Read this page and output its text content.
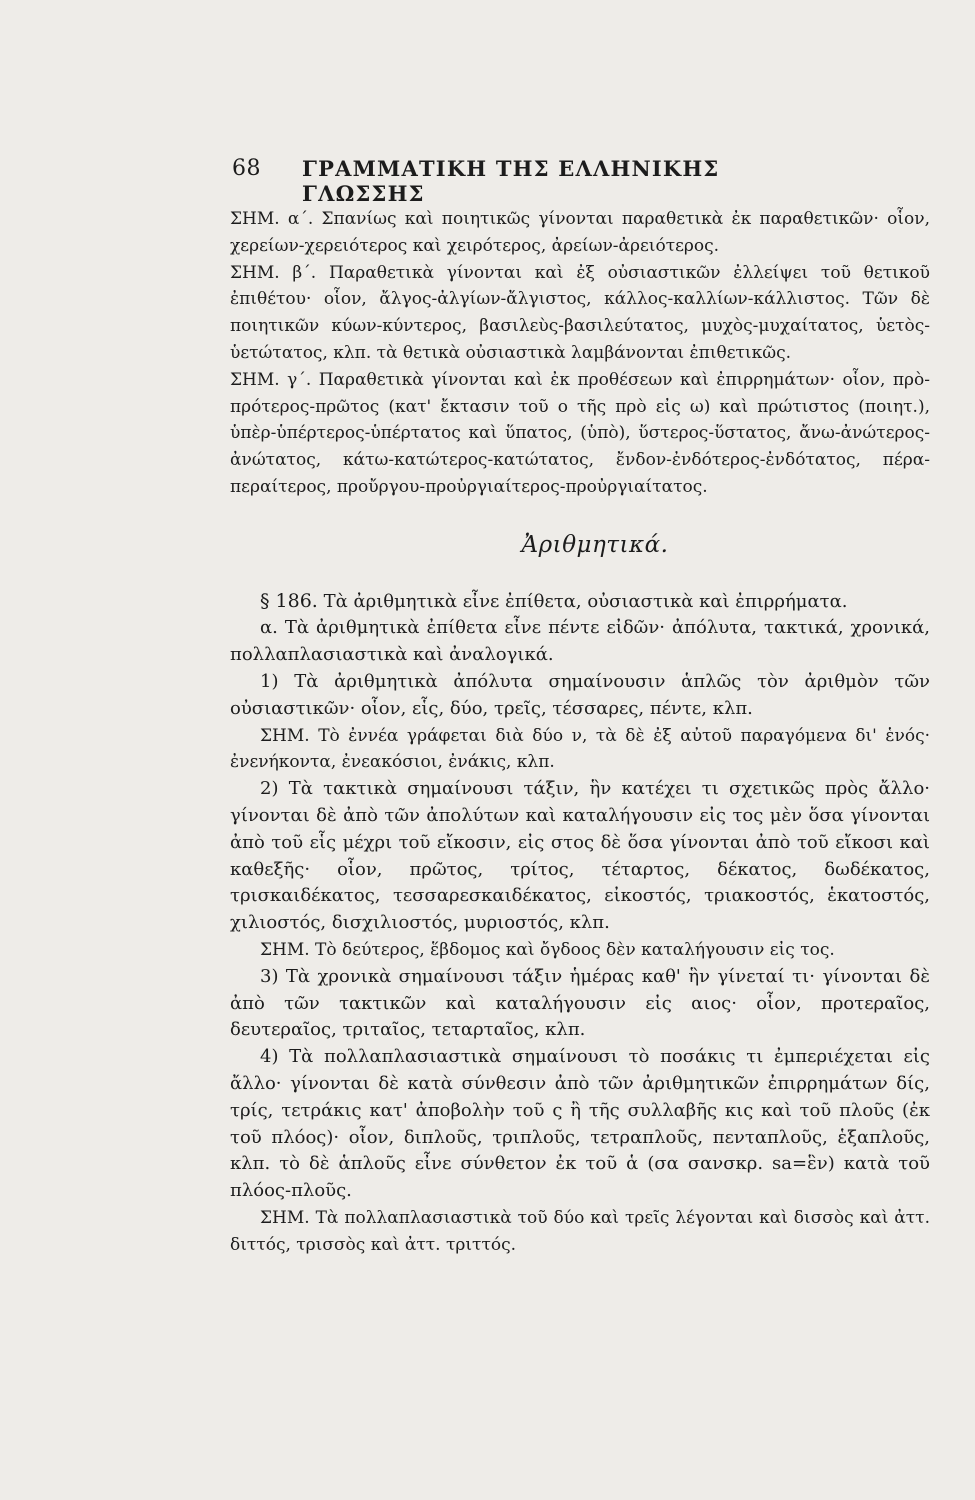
68 ΓΡΑΜΜΑΤΙΚΗ ΤΗΣ ΕΛΛΗΝΙΚΗΣ ΓΛΩΣΣΗΣ

ΣΗΜ. α΄. Σπανίως καὶ ποιητικῶς γίνονται παραθετικὰ ἐκ παραθετικῶν· οἷον, χερείων-χερειότερος καὶ χειρότερος, ἀρείων-ἀρειότερος.

ΣΗΜ. β΄. Παραθετικὰ γίνονται καὶ ἐξ οὐσιαστικῶν ἐλλείψει τοῦ θετικοῦ ἐπιθέτου· οἷον, ἄλγος-ἀλγίων-ἄλγιστος, κάλλος-καλλίων-κάλλιστος. Τῶν δὲ ποιητικῶν κύων-κύντερος, βασιλεὺς-βασιλεύτατος, μυχὸς-μυχαίτατος, ὑετὸς-ὑετώτατος, κλπ. τὰ θετικὰ οὐσιαστικὰ λαμβάνονται ἐπιθετικῶς.

ΣΗΜ. γ΄. Παραθετικὰ γίνονται καὶ ἐκ προθέσεων καὶ ἐπιρρημάτων· οἷον, πρὸ-πρότερος-πρῶτος (κατ' ἔκτασιν τοῦ ο τῆς πρὸ εἰς ω) καὶ πρώτιστος (ποιητ.), ὑπὲρ-ὑπέρτερος-ὑπέρτατος καὶ ὕπατος, (ὑπὸ), ὕστερος-ὕστατος, ἄνω-ἀνώτερος-ἀνώτατος, κάτω-κατώτερος-κατώτατος, ἔνδον-ἐνδότερος-ἐνδότατος, πέρα-περαίτερος, προὔργου-προὐργιαίτερος-προὐργιαίτατος.

Ἀριθμητικά.

§ 186. Τὰ ἀριθμητικὰ εἶνε ἐπίθετα, οὐσιαστικὰ καὶ ἐπιρρήματα.

α. Τὰ ἀριθμητικὰ ἐπίθετα εἶνε πέντε εἰδῶν· ἀπόλυτα, τακτικά, χρονικά, πολλαπλασιαστικὰ καὶ ἀναλογικά.

1) Τὰ ἀριθμητικὰ ἀπόλυτα σημαίνουσιν ἁπλῶς τὸν ἀριθμὸν τῶν οὐσιαστικῶν· οἷον, εἷς, δύο, τρεῖς, τέσσαρες, πέντε, κλπ.

ΣΗΜ. Τὸ ἐννέα γράφεται διὰ δύο ν, τὰ δὲ ἐξ αὐτοῦ παραγόμενα δι' ἑνός· ἐνενήκοντα, ἐνεακόσιοι, ἐνάκις, κλπ.

2) Τὰ τακτικὰ σημαίνουσι τάξιν, ἣν κατέχει τι σχετικῶς πρὸς ἄλλο· γίνονται δὲ ἀπὸ τῶν ἀπολύτων καὶ καταλήγουσιν εἰς τος μὲν ὅσα γίνονται ἀπὸ τοῦ εἷς μέχρι τοῦ εἴκοσιν, εἰς στος δὲ ὅσα γίνονται ἀπὸ τοῦ εἴκοσι καὶ καθεξῆς· οἷον, πρῶτος, τρίτος, τέταρτος, δέκατος, δωδέκατος, τρισκαιδέκατος, τεσσαρεσκαιδέκατος, εἰκοστός, τριακοστός, ἑκατοστός, χιλιοστός, δισχιλιοστός, μυριοστός, κλπ.

ΣΗΜ. Τὸ δεύτερος, ἕβδομος καὶ ὄγδοος δὲν καταλήγουσιν εἰς τος.

3) Τὰ χρονικὰ σημαίνουσι τάξιν ἡμέρας καθ' ἣν γίνεταί τι· γίνονται δὲ ἀπὸ τῶν τακτικῶν καὶ καταλήγουσιν εἰς αιος· οἷον, προτεραῖος, δευτεραῖος, τριταῖος, τεταρταῖος, κλπ.

4) Τὰ πολλαπλασιαστικὰ σημαίνουσι τὸ ποσάκις τι ἐμπεριέχεται εἰς ἄλλο· γίνονται δὲ κατὰ σύνθεσιν ἀπὸ τῶν ἀριθμητικῶν ἐπιρρημάτων δίς, τρίς, τετράκις κατ' ἀποβολὴν τοῦ ς ἢ τῆς συλλαβῆς κις καὶ τοῦ πλοῦς (ἐκ τοῦ πλόος)· οἷον, διπλοῦς, τριπλοῦς, τετραπλοῦς, πενταπλοῦς, ἑξαπλοῦς, κλπ. τὸ δὲ ἁπλοῦς εἶνε σύνθετον ἐκ τοῦ ἁ (σα σανσκρ. sa=ἓν) κατὰ τοῦ πλόος-πλοῦς.

ΣΗΜ. Τὰ πολλαπλασιαστικὰ τοῦ δύο καὶ τρεῖς λέγονται καὶ δισσὸς καὶ ἀττ. διττός, τρισσὸς καὶ ἀττ. τριττός.
